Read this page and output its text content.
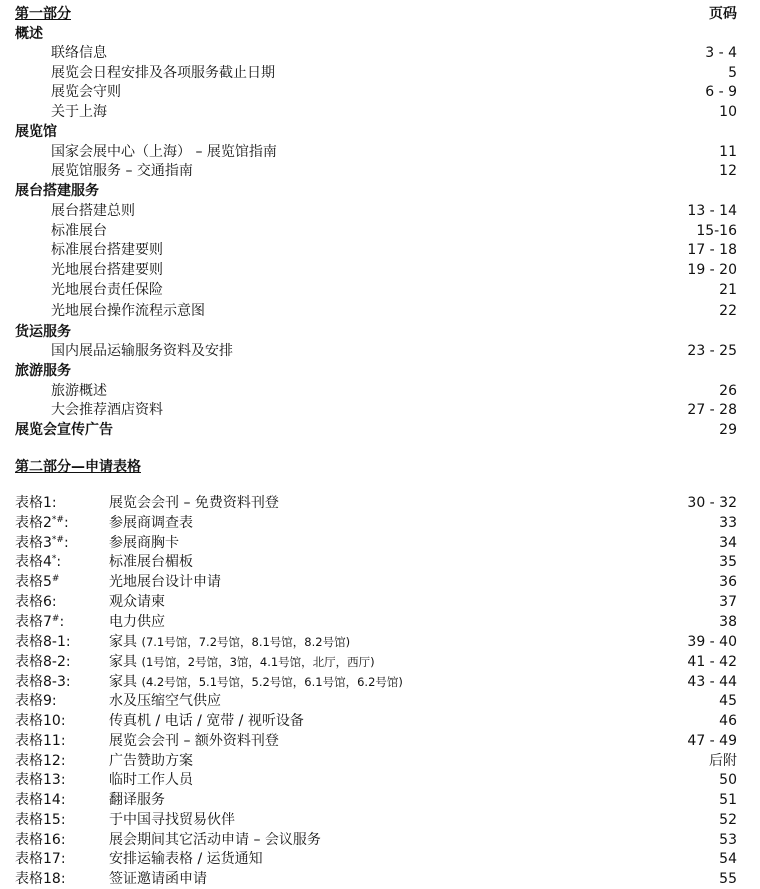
第一部分	页码
概述
联络信息	3 - 4
展览会日程安排及各项服务截止日期	5
展览会守则	6 - 9
关于上海	10
展览馆
国家会展中心（上海） – 展览馆指南	11
展览馆服务 – 交通指南	12
展台搭建服务
展台搭建总则	13 - 14
标准展台	15-16
标准展台搭建要则	17 - 18
光地展台搭建要则	19 - 20
光地展台责任保险	21
光地展台操作流程示意图	22
货运服务
国内展品运输服务资料及安排	23 - 25
旅游服务
旅游概述	26
大会推荐酒店资料	27 - 28
展览会宣传广告	29
第二部分—申请表格
表格1:	展览会会刊 – 免费资料刊登	30 - 32
表格2*#:	参展商调查表	33
表格3*#:	参展商胸卡	34
表格4*:	标准展台楣板	35
表格5#	光地展台设计申请	36
表格6:	观众请柬	37
表格7#:	电力供应	38
表格8-1:	家具 (7.1号馆，7.2号馆，8.1号馆，8.2号馆)	39 - 40
表格8-2:	家具 (1号馆，2号馆，3馆，4.1号馆，北厅，西厅)	41 - 42
表格8-3:	家具 (4.2号馆，5.1号馆，5.2号馆，6.1号馆，6.2号馆)	43 - 44
表格9:	水及压缩空气供应	45
表格10:	传真机 / 电话 / 宽带 / 视听设备	46
表格11:	展览会会刊 – 额外资料刊登	47 - 49
表格12:	广告赞助方案	后附
表格13:	临时工作人员	50
表格14:	翻译服务	51
表格15:	于中国寻找贸易伙伴	52
表格16:	展会期间其它活动申请 – 会议服务	53
表格17:	安排运输表格 / 运货通知	54
表格18:	签证邀请函申请	55
